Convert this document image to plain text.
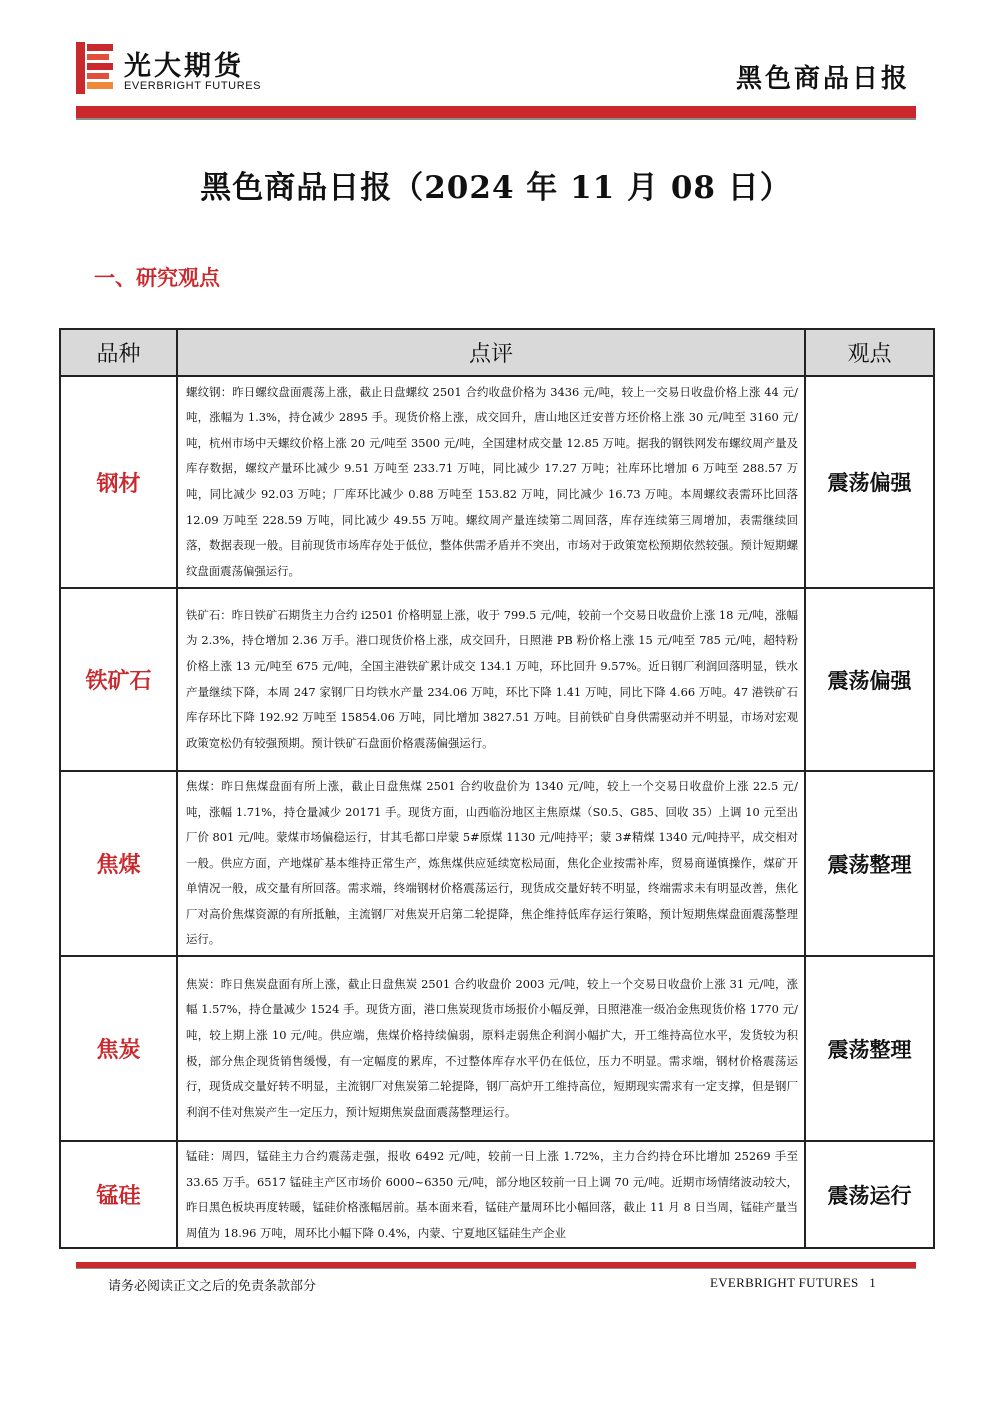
光大期货
EVERBRIGHT FUTURES	黑色商品日报
黑色商品日报（2024 年 11 月 08 日）
一、研究观点
品种	点评	观点
钢材	螺纹钢：昨日螺纹盘面震荡上涨，截止日盘螺纹 2501 合约收盘价格为 3436 元/吨，较上一交易日收盘价格上涨 44 元/吨，涨幅为 1.3%，持仓减少 2895 手。现货价格上涨，成交回升，唐山地区迁安普方坯价格上涨 30 元/吨至 3160 元/吨，杭州市场中天螺纹价格上涨 20 元/吨至 3500 元/吨，全国建材成交量 12.85 万吨。据我的钢铁网发布螺纹周产量及库存数据，螺纹产量环比减少 9.51 万吨至 233.71 万吨，同比减少 17.27 万吨；社库环比增加 6 万吨至 288.57 万吨，同比减少 92.03 万吨；厂库环比减少 0.88 万吨至 153.82 万吨，同比减少 16.73 万吨。本周螺纹表需环比回落 12.09 万吨至 228.59 万吨，同比减少 49.55 万吨。螺纹周产量连续第二周回落，库存连续第三周增加，表需继续回落，数据表现一般。目前现货市场库存处于低位，整体供需矛盾并不突出，市场对于政策宽松预期依然较强。预计短期螺纹盘面震荡偏强运行。	震荡偏强
铁矿石	铁矿石：昨日铁矿石期货主力合约 i2501 价格明显上涨，收于 799.5 元/吨，较前一个交易日收盘价上涨 18 元/吨，涨幅为 2.3%，持仓增加 2.36 万手。港口现货价格上涨，成交回升，日照港 PB 粉价格上涨 15 元/吨至 785 元/吨，超特粉价格上涨 13 元/吨至 675 元/吨，全国主港铁矿累计成交 134.1 万吨，环比回升 9.57%。近日钢厂利润回落明显，铁水产量继续下降，本周 247 家钢厂日均铁水产量 234.06 万吨，环比下降 1.41 万吨，同比下降 4.66 万吨。47 港铁矿石库存环比下降 192.92 万吨至 15854.06 万吨，同比增加 3827.51 万吨。目前铁矿自身供需驱动并不明显，市场对宏观政策宽松仍有较强预期。预计铁矿石盘面价格震荡偏强运行。	震荡偏强
焦煤	焦煤：昨日焦煤盘面有所上涨，截止日盘焦煤 2501 合约收盘价为 1340 元/吨，较上一个交易日收盘价上涨 22.5 元/吨，涨幅 1.71%，持仓量减少 20171 手。现货方面，山西临汾地区主焦原煤（S0.5、G85、回收 35）上调 10 元至出厂价 801 元/吨。蒙煤市场偏稳运行，甘其毛都口岸蒙 5#原煤 1130 元/吨持平；蒙 3#精煤 1340 元/吨持平，成交相对一般。供应方面，产地煤矿基本维持正常生产，炼焦煤供应延续宽松局面，焦化企业按需补库，贸易商谨慎操作，煤矿开单情况一般，成交量有所回落。需求端，终端钢材价格震荡运行，现货成交量好转不明显，终端需求未有明显改善，焦化厂对高价焦煤资源的有所抵触，主流钢厂对焦炭开启第二轮提降，焦企维持低库存运行策略，预计短期焦煤盘面震荡整理运行。	震荡整理
焦炭	焦炭：昨日焦炭盘面有所上涨，截止日盘焦炭 2501 合约收盘价 2003 元/吨，较上一个交易日收盘价上涨 31 元/吨，涨幅 1.57%，持仓量减少 1524 手。现货方面，港口焦炭现货市场报价小幅反弹，日照港准一级冶金焦现货价格 1770 元/吨，较上期上涨 10 元/吨。供应端，焦煤价格持续偏弱，原料走弱焦企利润小幅扩大，开工维持高位水平，发货较为积极，部分焦企现货销售缓慢，有一定幅度的累库，不过整体库存水平仍在低位，压力不明显。需求端，钢材价格震荡运行，现货成交量好转不明显，主流钢厂对焦炭第二轮提降，钢厂高炉开工维持高位，短期现实需求有一定支撑，但是钢厂利润不佳对焦炭产生一定压力，预计短期焦炭盘面震荡整理运行。	震荡整理
锰硅	锰硅：周四，锰硅主力合约震荡走强，报收 6492 元/吨，较前一日上涨 1.72%，主力合约持仓环比增加 25269 手至 33.65 万手。6517 锰硅主产区市场价 6000~6350 元/吨，部分地区较前一日上调 70 元/吨。近期市场情绪波动较大，昨日黑色板块再度转暖，锰硅价格涨幅居前。基本面来看，锰硅产量周环比小幅回落，截止 11 月 8 日当周，锰硅产量当周值为 18.96 万吨，周环比小幅下降 0.4%，内蒙、宁夏地区锰硅生产企业	震荡运行
请务必阅读正文之后的免责条款部分	EVERBRIGHT FUTURES 1
